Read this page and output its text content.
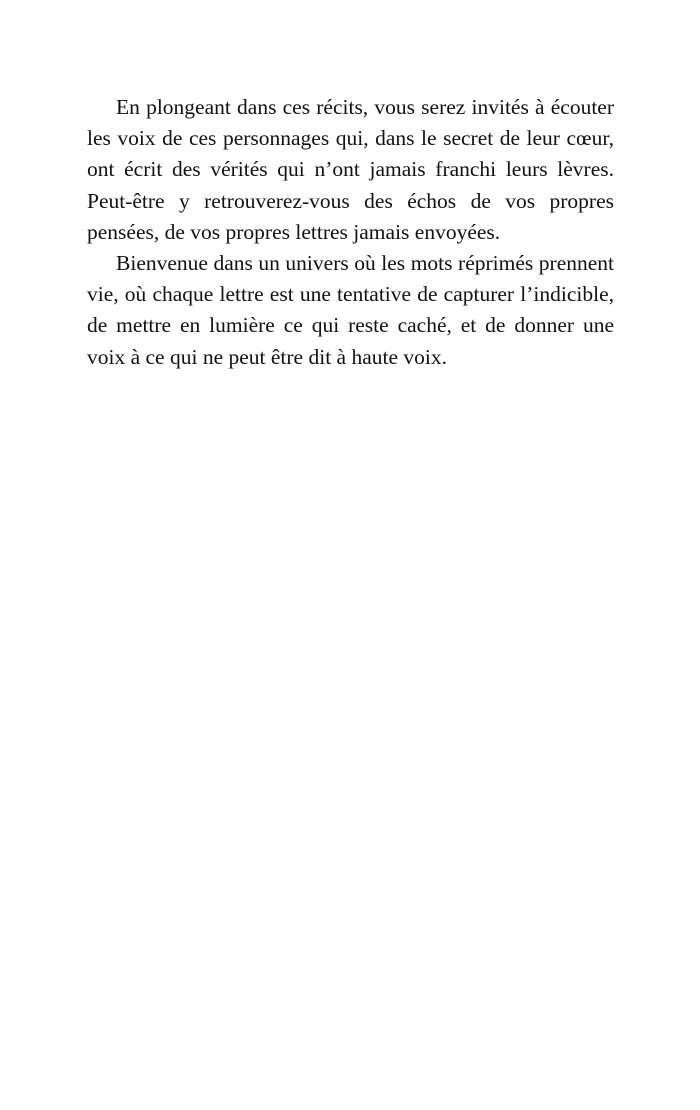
En plongeant dans ces récits, vous serez invités à écouter les voix de ces personnages qui, dans le secret de leur cœur, ont écrit des vérités qui n’ont jamais franchi leurs lèvres. Peut-être y retrouverez-vous des échos de vos propres pensées, de vos propres lettres jamais envoyées.

Bienvenue dans un univers où les mots réprimés prennent vie, où chaque lettre est une tentative de capturer l’indicible, de mettre en lumière ce qui reste caché, et de donner une voix à ce qui ne peut être dit à haute voix.
